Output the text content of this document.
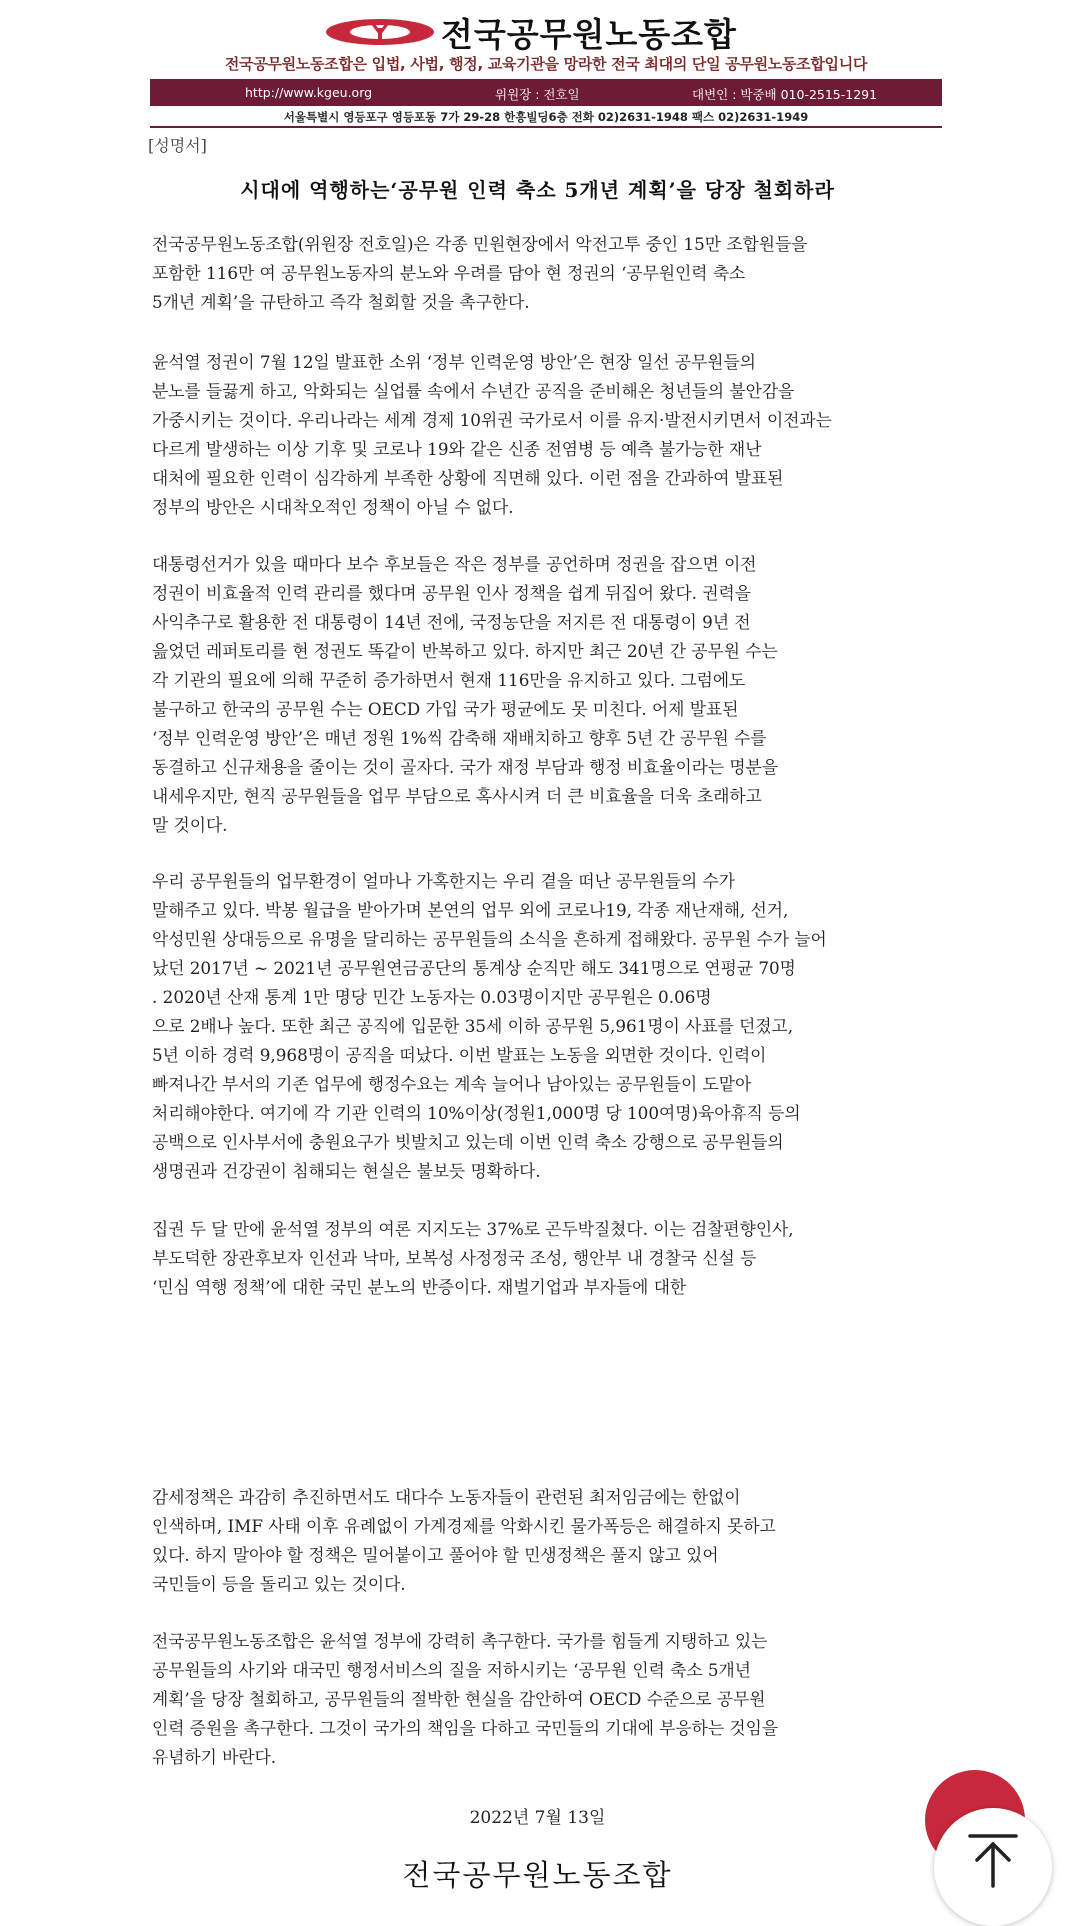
전국공무원노동조합
전국공무원노동조합은 입법, 사법, 행정, 교육기관을 망라한 전국 최대의 단일 공무원노동조합입니다
http://www.kgeu.org	위원장 : 전호일	대변인 : 박중배 010-2515-1291
서울특별시 영등포구 영등포동 7가 29-28 한흥빌딩6층 전화 02)2631-1948 팩스 02)2631-1949
[성명서]
시대에 역행하는‘공무원 인력 축소 5개년 계획’을 당장 철회하라
전국공무원노동조합(위원장 전호일)은 각종 민원현장에서 악전고투 중인 15만 조합원들을
포함한 116만 여 공무원노동자의 분노와 우려를 담아 현 정권의 ‘공무원인력 축소
5개년 계획’을 규탄하고 즉각 철회할 것을 촉구한다.
윤석열 정권이 7월 12일 발표한 소위 ‘정부 인력운영 방안’은 현장 일선 공무원들의
분노를 들끓게 하고, 악화되는 실업률 속에서 수년간 공직을 준비해온 청년들의 불안감을
가중시키는 것이다. 우리나라는 세계 경제 10위권 국가로서 이를 유지·발전시키면서 이전과는
다르게 발생하는 이상 기후 및 코로나 19와 같은 신종 전염병 등 예측 불가능한 재난
대처에 필요한 인력이 심각하게 부족한 상황에 직면해 있다. 이런 점을 간과하여 발표된
정부의 방안은 시대착오적인 정책이 아닐 수 없다.
대통령선거가 있을 때마다 보수 후보들은 작은 정부를 공언하며 정권을 잡으면 이전
정권이 비효율적 인력 관리를 했다며 공무원 인사 정책을 쉽게 뒤집어 왔다. 권력을
사익추구로 활용한 전 대통령이 14년 전에, 국정농단을 저지른 전 대통령이 9년 전
읊었던 레퍼토리를 현 정권도 똑같이 반복하고 있다. 하지만 최근 20년 간 공무원 수는
각 기관의 필요에 의해 꾸준히 증가하면서 현재 116만을 유지하고 있다. 그럼에도
불구하고 한국의 공무원 수는 OECD 가입 국가 평균에도 못 미친다. 어제 발표된
‘정부 인력운영 방안’은 매년 정원 1%씩 감축해 재배치하고 향후 5년 간 공무원 수를
동결하고 신규채용을 줄이는 것이 골자다. 국가 재정 부담과 행정 비효율이라는 명분을
내세우지만, 현직 공무원들을 업무 부담으로 혹사시켜 더 큰 비효율을 더욱 초래하고
말 것이다.
우리 공무원들의 업무환경이 얼마나 가혹한지는 우리 곁을 떠난 공무원들의 수가
말해주고 있다. 박봉 월급을 받아가며 본연의 업무 외에 코로나19, 각종 재난재해, 선거,
악성민원 상대등으로 유명을 달리하는 공무원들의 소식을 흔하게 접해왔다. 공무원 수가 늘어
났던 2017년 ~ 2021년 공무원연금공단의 통계상 순직만 해도 341명으로 연평균 70명
. 2020년 산재 통계 1만 명당 민간 노동자는 0.03명이지만 공무원은 0.06명
으로 2배나 높다. 또한 최근 공직에 입문한 35세 이하 공무원 5,961명이 사표를 던졌고,
5년 이하 경력 9,968명이 공직을 떠났다. 이번 발표는 노동을 외면한 것이다. 인력이
빠져나간 부서의 기존 업무에 행정수요는 계속 늘어나 남아있는 공무원들이 도맡아
처리해야한다. 여기에 각 기관 인력의 10%이상(정원1,000명 당 100여명)육아휴직 등의
공백으로 인사부서에 충원요구가 빗발치고 있는데 이번 인력 축소 강행으로 공무원들의
생명권과 건강권이 침해되는 현실은 불보듯 명확하다.
집권 두 달 만에 윤석열 정부의 여론 지지도는 37%로 곤두박질쳤다. 이는 검찰편향인사,
부도덕한 장관후보자 인선과 낙마, 보복성 사정정국 조성, 행안부 내 경찰국 신설 등
‘민심 역행 정책’에 대한 국민 분노의 반증이다. 재벌기업과 부자들에 대한
감세정책은 과감히 추진하면서도 대다수 노동자들이 관련된 최저임금에는 한없이
인색하며, IMF 사태 이후 유례없이 가계경제를 악화시킨 물가폭등은 해결하지 못하고
있다. 하지 말아야 할 정책은 밀어붙이고 풀어야 할 민생정책은 풀지 않고 있어
국민들이 등을 돌리고 있는 것이다.
전국공무원노동조합은 윤석열 정부에 강력히 촉구한다. 국가를 힘들게 지탱하고 있는
공무원들의 사기와 대국민 행정서비스의 질을 저하시키는 ‘공무원 인력 축소 5개년
계획’을 당장 철회하고, 공무원들의 절박한 현실을 감안하여 OECD 수준으로 공무원
인력 증원을 촉구한다. 그것이 국가의 책임을 다하고 국민들의 기대에 부응하는 것임을
유념하기 바란다.
2022년 7월 13일
전국공무원노동조합
